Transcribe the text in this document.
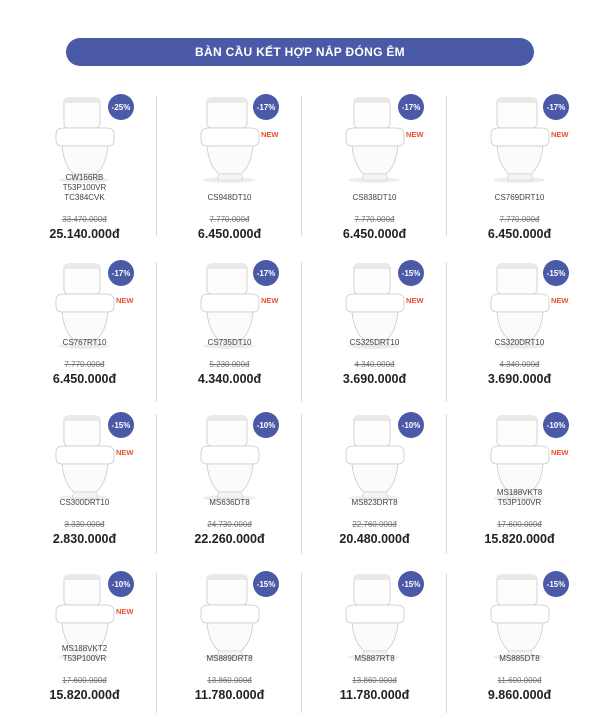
BÀN CẦU KẾT HỢP NẮP ĐÓNG ÊM
-25%
CW166RB
T53P100VR
TC384CVK
33.470.000đ
25.140.000đ
-17%
NEW
CS948DT10
7.770.000đ
6.450.000đ
-17%
NEW
CS838DT10
7.770.000đ
6.450.000đ
-17%
NEW
CS769DRT10
7.770.000đ
6.450.000đ
-17%
NEW
CS767RT10
7.770.000đ
6.450.000đ
-17%
NEW
CS735DT10
5.230.000đ
4.340.000đ
-15%
NEW
CS325DRT10
4.340.000đ
3.690.000đ
-15%
NEW
CS320DRT10
4.340.000đ
3.690.000đ
-15%
NEW
CS300DRT10
3.330.000đ
2.830.000đ
-10%
MS636DT8
24.730.000đ
22.260.000đ
-10%
MS823DRT8
22.760.000đ
20.480.000đ
-10%
NEW
MS188VKT8
T53P100VR
17.600.000đ
15.820.000đ
-10%
NEW
MS188VKT2
T53P100VR
17.600.000đ
15.820.000đ
-15%
MS889DRT8
13.860.000đ
11.780.000đ
-15%
MS887RT8
13.860.000đ
11.780.000đ
-15%
MS885DT8
11.600.000đ
9.860.000đ
